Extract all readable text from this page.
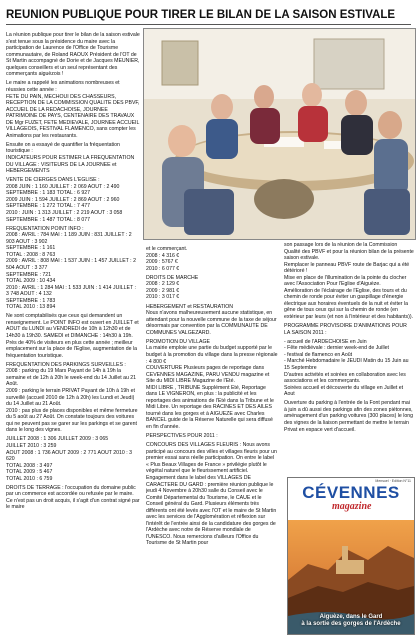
REUNION PUBLIQUE POUR TIRER LE BILAN DE LA SAISON ESTIVALE

La réunion publique pour tirer le bilan de la saison estivale s'est tenue sous la présidence du maire avec la participation de Laurence de l'Office de Tourisme communautaire, de Roland RAOUX Président de l'OT de St Martin accompagné de Dorie et de Jacques MEUNIER, quelques conseillers et un seul représentant des commerçants aiguèzois !

Le maire a rappelé les animations nombreuses et réussies cette année :
FETE DU PAIN, MECHOUI DES CHASSEURS, RECEPTION DE LA COMMISSION QUALITE DES PBVF, ACCUEIL DE LA REDACHOISE, JOURNEE PATRIMOINE DE PAYS, CENTENAIRE DES TRAVAUX DE Mgr FUZET, FETE MEDIEVALE, JOURNEE ACCUEIL VILLAGEOIS, FESTIVAL FLAMENCO, sans compter les Animations par les restaurants.

Ensuite on a essayé de quantifier la fréquentation touristique :
INDICATEURS POUR ESTIMER LA FREQUENTATION DU VILLAGE : VISITEURS DE LA JOURNEE et HEBERGEMENTS

VENTE DE CIERGES DANS L'EGLISE :
2008 JUIN : 1 160 JUILLET : 2 069 AOUT : 2 490 SEPTEMBRE : 1 183 TOTAL : 6 927
2009 JUIN : 1 594 JUILLET : 2 869 AOUT : 2 960 SEPTEMBRE : 1 272 TOTAL : 7 477
2010 : JUIN : 1 313 JUILLET : 2 219 AOUT : 3 058 SEPTEMBRE : 1 487 TOTAL : 8 077

FREQUENTATION POINT INFO :
2008 : AVRIL : 784 MAI : 1 189 JUIN : 831 JUILLET : 2 903 AOUT : 3 902
SEPTEMBRE : 1 161
TOTAL : 2008 : 8 763
2009 : AVRIL : 808 MAI : 1 537 JUIN : 1 457 JUILLET : 2 504 AOUT : 3 377
SEPTEMBRE : 721
TOTAL 2009 : 10 434
2010 : AVRIL : 1 284 MAI : 1 533 JUIN : 1 414 JUILLET : 3 748 AOUT : 4 132
SEPTEMBRE : 1 783
TOTAL 2010 : 13 894

Ne sont comptabilisés que ceux qui demandent un renseignement. Le POINT INFO est ouvert en JUILLET et AOUT du LUNDI au VENDREDI de 10h à 12h30 et de 14h30 à 19h30. SAMEDI et DIMANCHE : 14h30 à 19h. Près de 40% de visiteurs en plus cette année ; meilleur emplacement sur la place de l'Eglise, augmentation de la fréquentation touristique.

FREQUENTATION DES PARKINGS SURVEILLES :
2008 : parking du 19 Mars Payant de 14h à 19h la semaine et de 12h à 20h le week-end du 14 Juillet au 21 Août.
2009 : parking le terrain PRIVAT Payant de 10h à 19h et surveillé (accueil 2010 de 12h à 20h) les Lundi et Jeudi) du 14 Juillet au 21 Août.
2010 : pas plus de places disponibles et même fermeture du 5 août au 27 Août. On constate toujours des voitures qui ne peuvent pas se garer sur les parkings et se garent dans le long des vignes.

JUILLET 2008 : 1 306 JUILLET 2009 : 3 065
JUILLET 2010 : 3 259
AOUT 2008 : 1 736 AOUT 2009 : 2 771 AOUT 2010 : 3 620
TOTAL 2008 : 3 497
TOTAL 2009 : 5 467
TOTAL 2010 : 6 759

DROITS DE TERRAGE : l'occupation du domaine public par un commerce est accordée ou refusée par le maire. Ce n'est pas un droit acquis, il s'agit d'un contrat signé par le maire

et le commerçant.
2008 : 4 316 €
2009 : 5767 €
2010 : 6 077 €

DROITS DE MARCHE
2008 : 2 129 €
2009 : 2 981 €
2010 : 3 017 €

HEBERGEMENT et RESTAURATION
Nous n'avons malheureusement aucune statistique, en attendant pour la nouvelle commune de la taxe de séjour désormais par convention par la COMMUNAUTE DE COMMUNES VALGEZARD.

PROMOTION DU VILLAGE
La mairie emploie une partie du budget supporté par le budget à la promotion du village dans la presse régionale : 4 800 €
COUVERTURE Plusieurs pages de reportage dans CEVENNES MAGAZINE, PARU VENDU magazine et Site du MIDI LIBRE Magazine de l'Eté.
MIDI LIBRE , TRIBUNE Supplément Eté, Reportage dans LE VIGNERON, en plus : la publicité et les reportages des animations de l'Eté dans la Tribune et le Midi Libre. Un reportage des RACINES ET DES AILES tourné dans les gorges et à AIGUEZE avec Charles BANCEL guide de la Réserve Naturelle qui sera diffusé en fin d'année.

PERSPECTIVES POUR 2011 :

CONCOURS DES VILLAGES FLEURIS : Nous avons participé au concours des villes et villages fleuris pour un premier essai sans réelle participation. On entre le label « Plus Beaux Villages de France » privilégie plutôt le végétal naturel que le fleurissement artificiel.
Engagement dans le label des VILLAGES DE CARACTERE DU GARD : première réunion publique le jeudi 4 Novembre à 20h30 salle du Conseil avec le Comité Départemental du Tourisme, le CAUE et le Conseil général du Gard. Plusieurs éléments très différents ont été levés avec l'OT et le maire de St Martin avec les services de l'Agglomération et réflexion sur l'intérêt de l'entrée ainsi de la candidature des gorges de l'Ardèche avec notre de Réserve mondiale de l'UNESCO. Nous remercions d'ailleurs l'Office du Tourisme de St Martin pour

son passage lors de la réunion de la Commission Qualité des PBVF et pour la réunion bilan de la présente saison estivale.
Remplacer le panneau PBVF route de Barjac qui a été détérioré !
Mise en place de l'illumination de la pointe du clocher avec l'Association Pour l'Eglise d'Aiguèze.
Amélioration de l'éclairage de l'Eglise, des tours et du chemin de ronde pour éviter un gaspillage d'énergie électrique aux horaires éventuels de la nuit et éviter la gêne de tous ceux qui sur la chemin de ronde (en extérieur par leurs (et non à l'intérieur et des habitants)).

PROGRAMME PROVISOIRE D'ANIMATIONS POUR LA SAISON 2011 :

- accueil de l'ARDECHOISE en Juin
- Fête médiévale : dernier week-end de Juillet
- festival de flamenco en Août
- Marché Hebdomadaire le JEUDI Matin du 15 Juin au 15 Septembre
D'autres activités et soirées en collaboration avec les associations et les commerçants.
Soirées accueil et découverte du village en Juillet et Aout

Ouverture du parking à l'entrée de la Font pendant mai à juin a dû aussi des parkings afin des zones piétonnes, aménagement d'un parking voitures (300 places) le long des vignes de la liaison permettant de mettre le terrain Privat en espace vert d'accueil.

Mensuel · Edition N°11
CÉVENNES
magazine
Aiguèze, dans le Gard
à la sortie des gorges de l'Ardèche
